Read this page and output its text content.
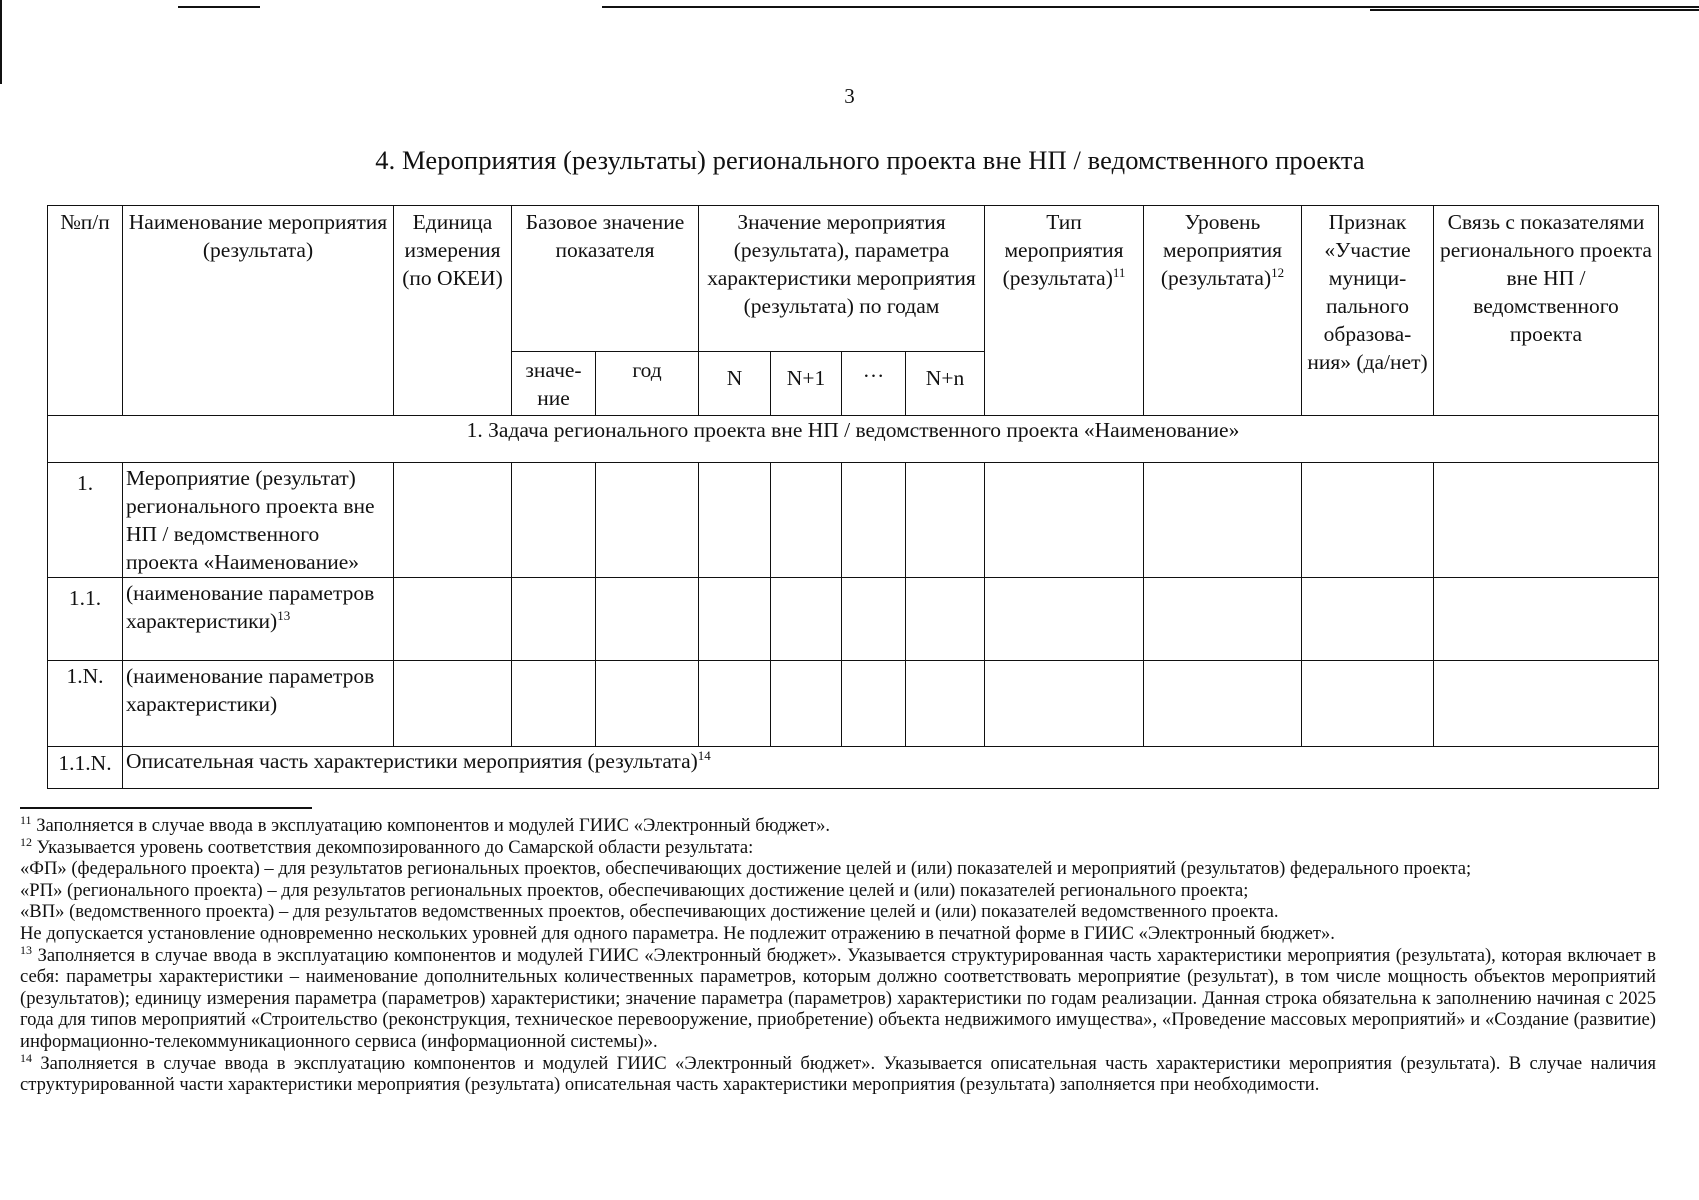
3
4. Мероприятия (результаты) регионального проекта вне НП / ведомственного проекта
№п/п	Наименование мероприятия (результата)	Единица измерения (по ОКЕИ)	Базовое значение показателя		Значение мероприятия (результата), параметра характеристики мероприятия (результата) по годам				Тип мероприятия (результата)$^{11}$	Уровень мероприятия (результата)$^{12}$	Признак «Участие муници-пального образова-ния» (да/нет)	Связь с показателями регионального проекта вне НП / ведомственного проекта
			значе-ние	год	N	N+1	…	N+n				
1. Задача регионального проекта вне НП / ведомственного проекта «Наименование»												
1.	Мероприятие (результат) регионального проекта вне НП / ведомственного проекта «Наименование»											
1.1.	(наименование параметров характеристики)$^{13}$											
1.N.	(наименование параметров характеристики)											
1.1.N.	Описательная часть характеристики мероприятия (результата)$^{14}$

$^{11}$ Заполняется в случае ввода в эксплуатацию компонентов и модулей ГИИС «Электронный бюджет».

$^{12}$ Указывается уровень соответствия декомпозированного до Самарской области результата:

«ФП» (федерального проекта) – для результатов региональных проектов, обеспечивающих достижение целей и (или) показателей и мероприятий (результатов) федерального проекта;

«РП» (регионального проекта) – для результатов региональных проектов, обеспечивающих достижение целей и (или) показателей регионального проекта;

«ВП» (ведомственного проекта) – для результатов ведомственных проектов, обеспечивающих достижение целей и (или) показателей ведомственного проекта.

Не допускается установление одновременно нескольких уровней для одного параметра. Не подлежит отражению в печатной форме в ГИИС «Электронный бюджет».

$^{13}$ Заполняется в случае ввода в эксплуатацию компонентов и модулей ГИИС «Электронный бюджет». Указывается структурированная часть характеристики мероприятия (результата), которая включает в себя: параметры характеристики – наименование дополнительных количественных параметров, которым должно соответствовать мероприятие (результат), в том числе мощность объектов мероприятий (результатов); единицу измерения параметра (параметров) характеристики; значение параметра (параметров) характеристики по годам реализации. Данная строка обязательна к заполнению начиная с 2025 года для типов мероприятий «Строительство (реконструкция, техническое перевооружение, приобретение) объекта недвижимого имущества», «Проведение массовых мероприятий» и «Создание (развитие) информационно-телекоммуникационного сервиса (информационной системы)».

$^{14}$ Заполняется в случае ввода в эксплуатацию компонентов и модулей ГИИС «Электронный бюджет». Указывается описательная часть характеристики мероприятия (результата). В случае наличия структурированной части характеристики мероприятия (результата) описательная часть характеристики мероприятия (результата) заполняется при необходимости.
